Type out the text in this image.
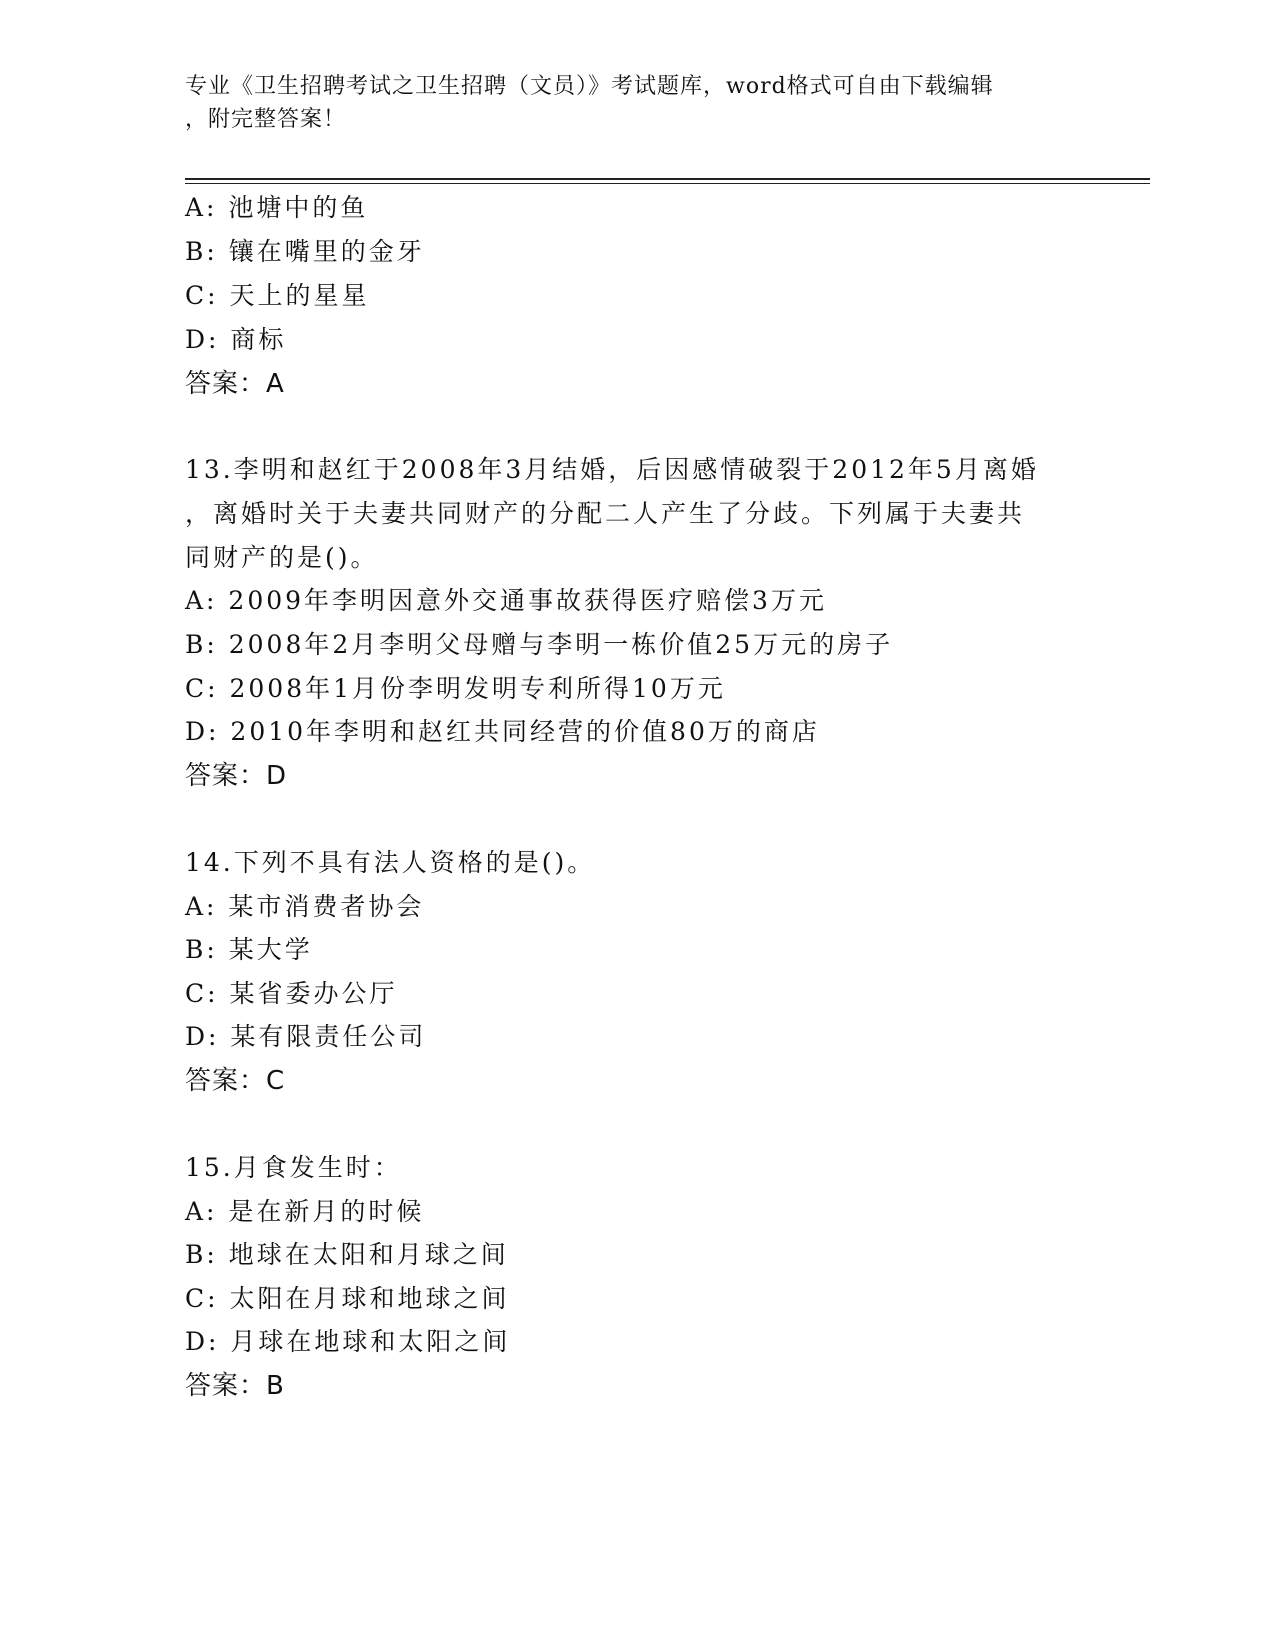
专业《卫生招聘考试之卫生招聘（文员）》考试题库，word格式可自由下载编辑
，附完整答案！
A: 池塘中的鱼
B: 镶在嘴里的金牙
C: 天上的星星
D: 商标
答案：A
13.李明和赵红于2008年3月结婚，后因感情破裂于2012年5月离婚
，离婚时关于夫妻共同财产的分配二人产生了分歧。下列属于夫妻共
同财产的是()。
A: 2009年李明因意外交通事故获得医疗赔偿3万元
B: 2008年2月李明父母赠与李明一栋价值25万元的房子
C: 2008年1月份李明发明专利所得10万元
D: 2010年李明和赵红共同经营的价值80万的商店
答案：D
14.下列不具有法人资格的是()。
A: 某市消费者协会
B: 某大学
C: 某省委办公厅
D: 某有限责任公司
答案：C
15.月食发生时：
A: 是在新月的时候
B: 地球在太阳和月球之间
C: 太阳在月球和地球之间
D: 月球在地球和太阳之间
答案：B
